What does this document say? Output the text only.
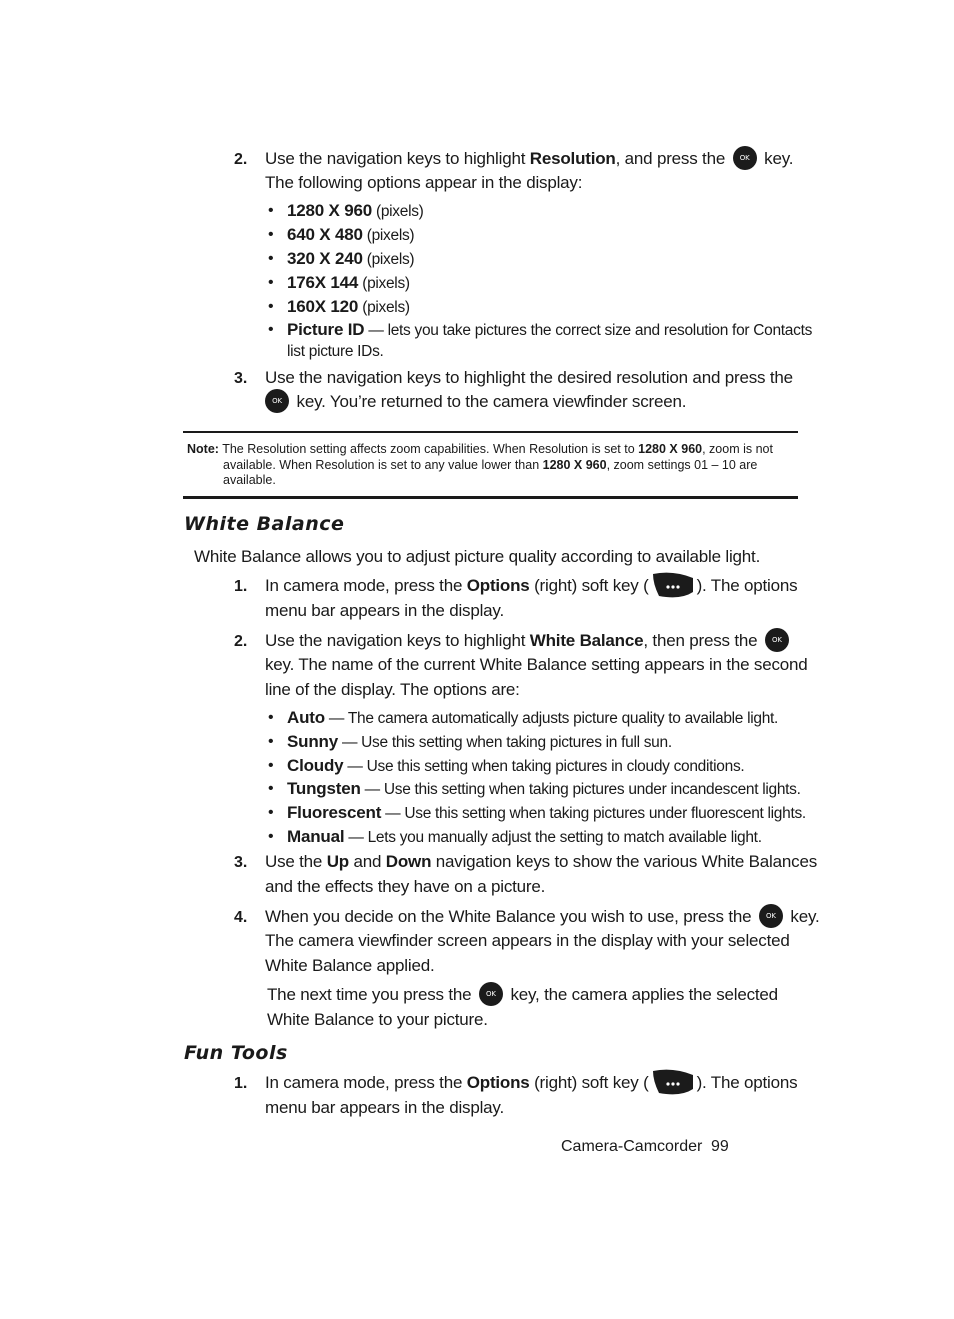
2. Use the navigation keys to highlight Resolution, and press the OK key.
The following options appear in the display:
• 1280 X 960 (pixels)
• 640 X 480 (pixels)
• 320 X 240 (pixels)
• 176X 144 (pixels)
• 160X 120 (pixels)
• Picture ID — lets you take pictures the correct size and resolution for Contacts
list picture IDs.
3. Use the navigation keys to highlight the desired resolution and press the
OK key. You’re returned to the camera viewfinder screen.
Note: The Resolution setting affects zoom capabilities. When Resolution is set to 1280 X 960, zoom is not
available. When Resolution is set to any value lower than 1280 X 960, zoom settings 01 – 10 are
available.
White Balance
White Balance allows you to adjust picture quality according to available light.
1. In camera mode, press the Options (right) soft key (	). The options
menu bar appears in the display.
2. Use the navigation keys to highlight White Balance, then press the OK
key. The name of the current White Balance setting appears in the second
line of the display. The options are:
• Auto — The camera automatically adjusts picture quality to available light.
• Sunny — Use this setting when taking pictures in full sun.
• Cloudy — Use this setting when taking pictures in cloudy conditions.
• Tungsten — Use this setting when taking pictures under incandescent lights.
• Fluorescent — Use this setting when taking pictures under fluorescent lights.
• Manual — Lets you manually adjust the setting to match available light.
3. Use the Up and Down navigation keys to show the various White Balances
and the effects they have on a picture.
4. When you decide on the White Balance you wish to use, press the OK key.
The camera viewfinder screen appears in the display with your selected
White Balance applied.
The next time you press the OK key, the camera applies the selected
White Balance to your picture.
Fun Tools
1. In camera mode, press the Options (right) soft key (	). The options
menu bar appears in the display.
Camera-Camcorder 99
